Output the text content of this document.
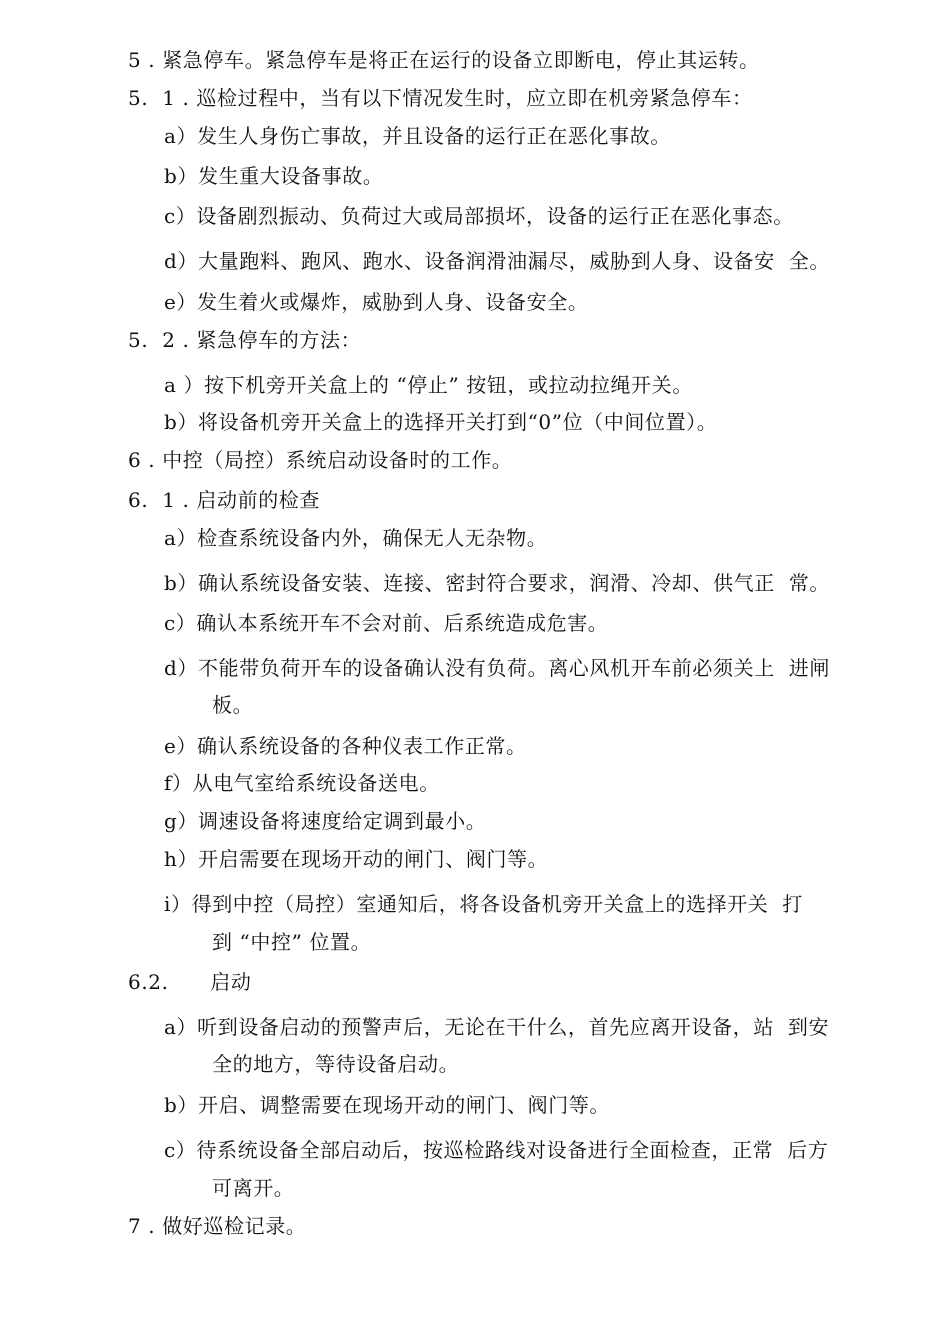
5 . 紧急停车。紧急停车是将正在运行的设备立即断电，停止其运转。
5.  1 . 巡检过程中，当有以下情况发生时，应立即在机旁紧急停车：
a）发生人身伤亡事故，并且设备的运行正在恶化事故。
b）发生重大设备事故。
c）设备剧烈振动、负荷过大或局部损坏，设备的运行正在恶化事态。
d）大量跑料、跑风、跑水、设备润滑油漏尽，威胁到人身、设备安  全。
e）发生着火或爆炸，威胁到人身、设备安全。
5.  2 . 紧急停车的方法：
a ）按下机旁开关盒上的 “停止” 按钮，或拉动拉绳开关。
b）将设备机旁开关盒上的选择开关打到“0”位（中间位置）。
6 . 中控（局控）系统启动设备时的工作。
6.  1 . 启动前的检查
a）检查系统设备内外，确保无人无杂物。
b）确认系统设备安装、连接、密封符合要求，润滑、冷却、供气正  常。
c）确认本系统开车不会对前、后系统造成危害。
d）不能带负荷开车的设备确认没有负荷。离心风机开车前必须关上  进闸
板。
e）确认系统设备的各种仪表工作正常。
f）从电气室给系统设备送电。
g）调速设备将速度给定调到最小。
h）开启需要在现场开动的闸门、阀门等。
i）得到中控（局控）室通知后，将各设备机旁开关盒上的选择开关  打
到 “中控” 位置。
6.2.      启动
a）听到设备启动的预警声后，无论在干什么，首先应离开设备，站  到安
全的地方，等待设备启动。
b）开启、调整需要在现场开动的闸门、阀门等。
c）待系统设备全部启动后，按巡检路线对设备进行全面检查，正常  后方
可离开。
7 . 做好巡检记录。
